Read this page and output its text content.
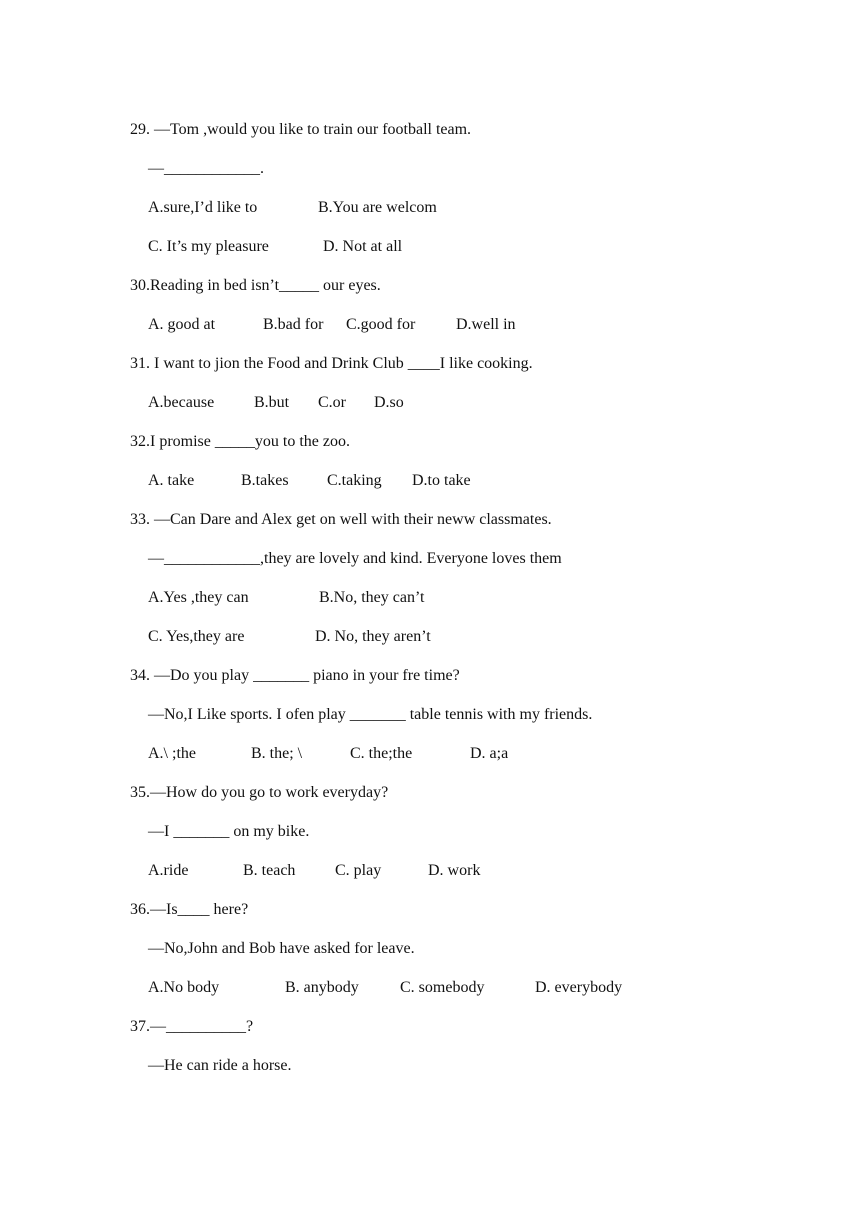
29. —Tom ,would you like to train our football team.
—____________.
A.sure,I’d like to	B.You are welcom
C. It’s my pleasure	D. Not at all
30.Reading in bed isn’t_____ our eyes.
A. good at	B.bad for C.good for	D.well in
31. I want to jion the Food and Drink Club ____I like cooking.
A.because B.but C.or D.so
32.I promise _____you to the zoo.
A. take	B.takes C.taking D.to take
33. —Can Dare and Alex get on well with their neww classmates.
—____________,they are lovely and kind. Everyone loves them
A.Yes ,they can	B.No, they can’t
C. Yes,they are	D. No, they aren’t
34. —Do you play _______ piano in your fre time?
—No,I Like sports. I ofen play _______ table tennis with my friends.
A.\ ;the	B. the; \	C. the;the	D. a;a
35.—How do you go to work everyday?
—I _______ on my bike.
A.ride	B. teach C. play	D. work
36.—Is____ here?
—No,John and Bob have asked for leave.
A.No body	B. anybody	C. somebody	D. everybody
37.—__________?
—He can ride a horse.
